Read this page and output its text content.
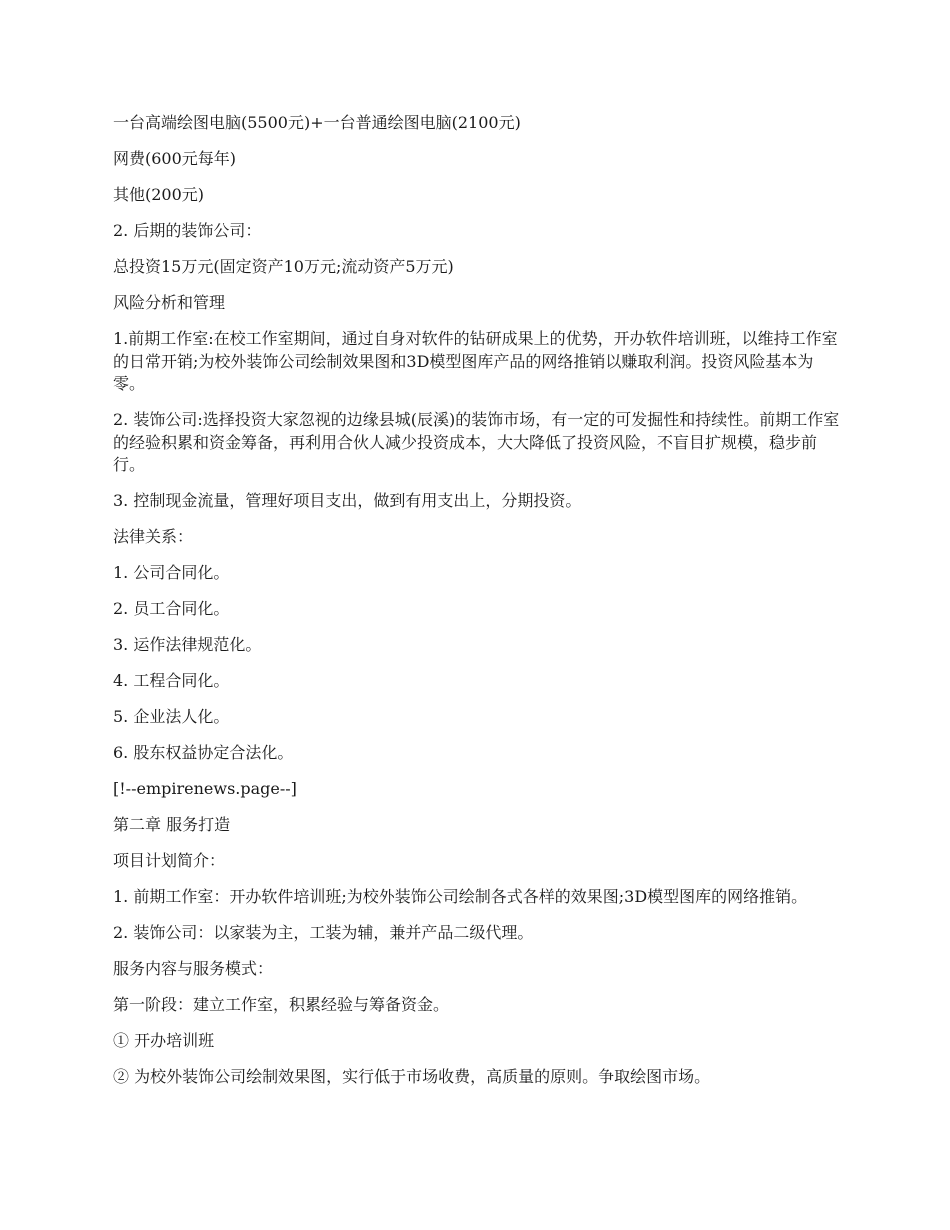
一台高端绘图电脑(5500元)+一台普通绘图电脑(2100元)

网费(600元每年)

其他(200元)

2. 后期的装饰公司：

总投资15万元(固定资产10万元;流动资产5万元)

风险分析和管理

1.前期工作室:在校工作室期间，通过自身对软件的钻研成果上的优势，开办软件培训班，以维持工作室的日常开销;为校外装饰公司绘制效果图和3D模型图库产品的网络推销以赚取利润。投资风险基本为零。

2. 装饰公司:选择投资大家忽视的边缘县城(辰溪)的装饰市场，有一定的可发掘性和持续性。前期工作室的经验积累和资金筹备，再利用合伙人减少投资成本，大大降低了投资风险，不盲目扩规模，稳步前行。

3. 控制现金流量，管理好项目支出，做到有用支出上，分期投资。

法律关系：

1. 公司合同化。

2. 员工合同化。

3. 运作法律规范化。

4. 工程合同化。

5. 企业法人化。

6. 股东权益协定合法化。

[!--empirenews.page--]

第二章 服务打造

项目计划简介：

1. 前期工作室：开办软件培训班;为校外装饰公司绘制各式各样的效果图;3D模型图库的网络推销。

2. 装饰公司：以家装为主，工装为辅，兼并产品二级代理。

服务内容与服务模式：

第一阶段：建立工作室，积累经验与筹备资金。

① 开办培训班

② 为校外装饰公司绘制效果图，实行低于市场收费，高质量的原则。争取绘图市场。
